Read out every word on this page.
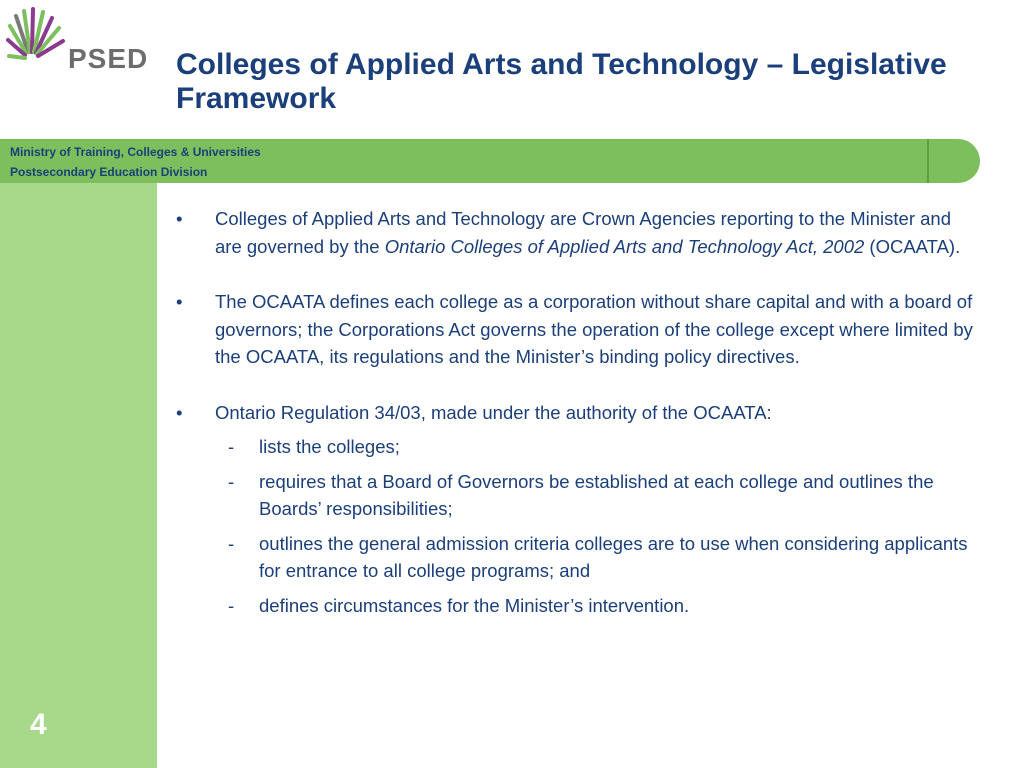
Ministry of Training, Colleges & Universities
Postsecondary Education Division
PSED Colleges of Applied Arts and Technology – Legislative Framework
•	Colleges of Applied Arts and Technology are Crown Agencies reporting to the Minister and are governed by the Ontario Colleges of Applied Arts and Technology Act, 2002 (OCAATA).
•	The OCAATA defines each college as a corporation without share capital and with a board of governors; the Corporations Act governs the operation of the college except where limited by the OCAATA, its regulations and the Minister’s binding policy directives.
•	Ontario Regulation 34/03, made under the authority of the OCAATA:
- lists the colleges;
- requires that a Board of Governors be established at each college and outlines the Boards’ responsibilities;
- outlines the general admission criteria colleges are to use when considering applicants for entrance to all college programs; and
- defines circumstances for the Minister’s intervention.
4
